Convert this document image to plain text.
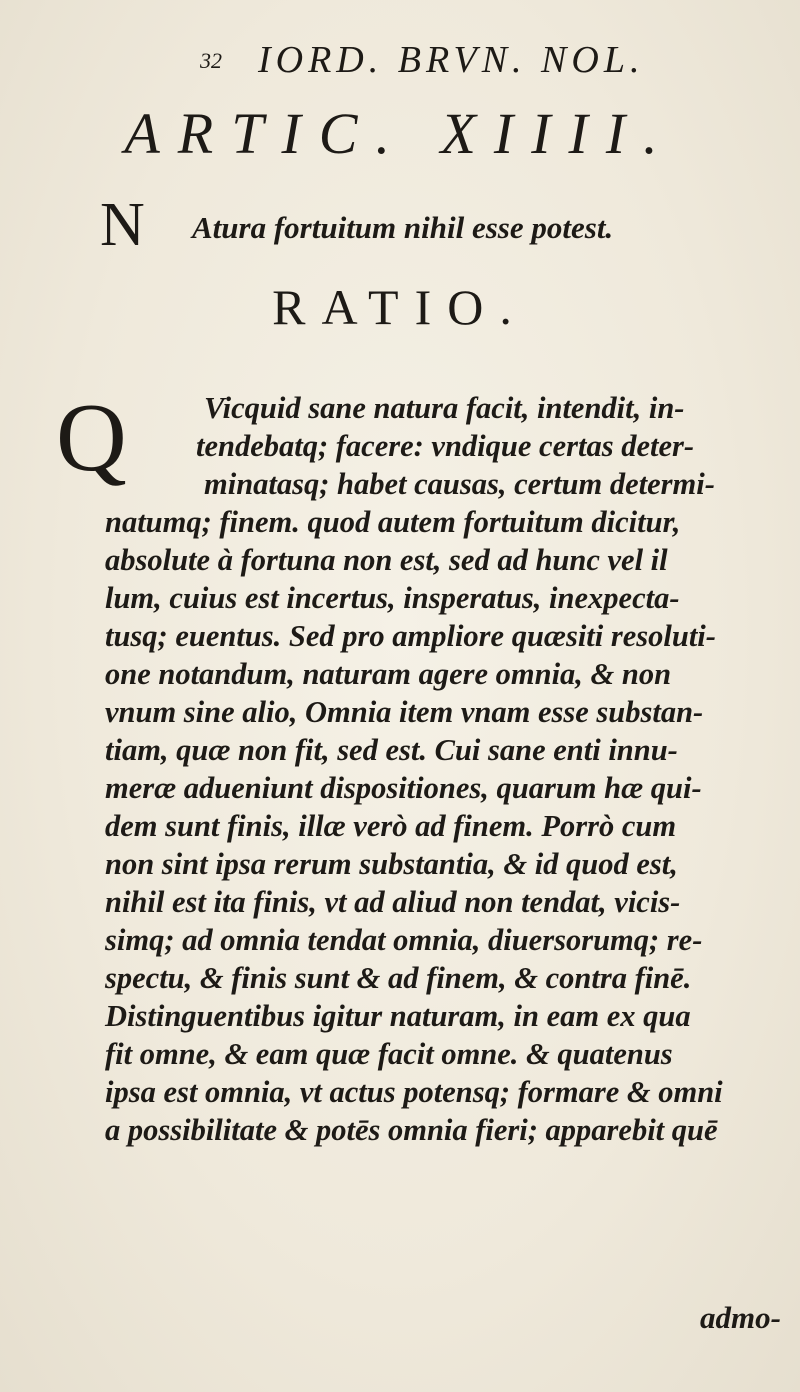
32 IORD. BRVN. NOL.
ARTIC. XIIII.
N Atura fortuitum nihil esse potest.
RATIO.
Q	Vicquid sane natura facit, intendit, in-
tendebatq; facere: vndique certas deter-
minatasq; habet causas, certum determi-
natumq; finem. quod autem fortuitum dicitur,
absolute à fortuna non est, sed ad hunc vel il
lum, cuius est incertus, insperatus, inexpecta-
tusq; euentus. Sed pro ampliore quæsiti resoluti-
one notandum, naturam agere omnia, & non
vnum sine alio, Omnia item vnam esse substan-
tiam, quæ non fit, sed est. Cui sane enti innu-
meræ adueniunt dispositiones, quarum hæ qui-
dem sunt finis, illæ verò ad finem. Porrò cum
non sint ipsa rerum substantia, & id quod est,
nihil est ita finis, vt ad aliud non tendat, vicis-
simq; ad omnia tendat omnia, diuersorumq; re-
spectu, & finis sunt & ad finem, & contra finē.
Distinguentibus igitur naturam, in eam ex qua
fit omne, & eam quæ facit omne. & quatenus
ipsa est omnia, vt actus potensq; formare & omni
a possibilitate & potēs omnia fieri; apparebit quē
admo-
